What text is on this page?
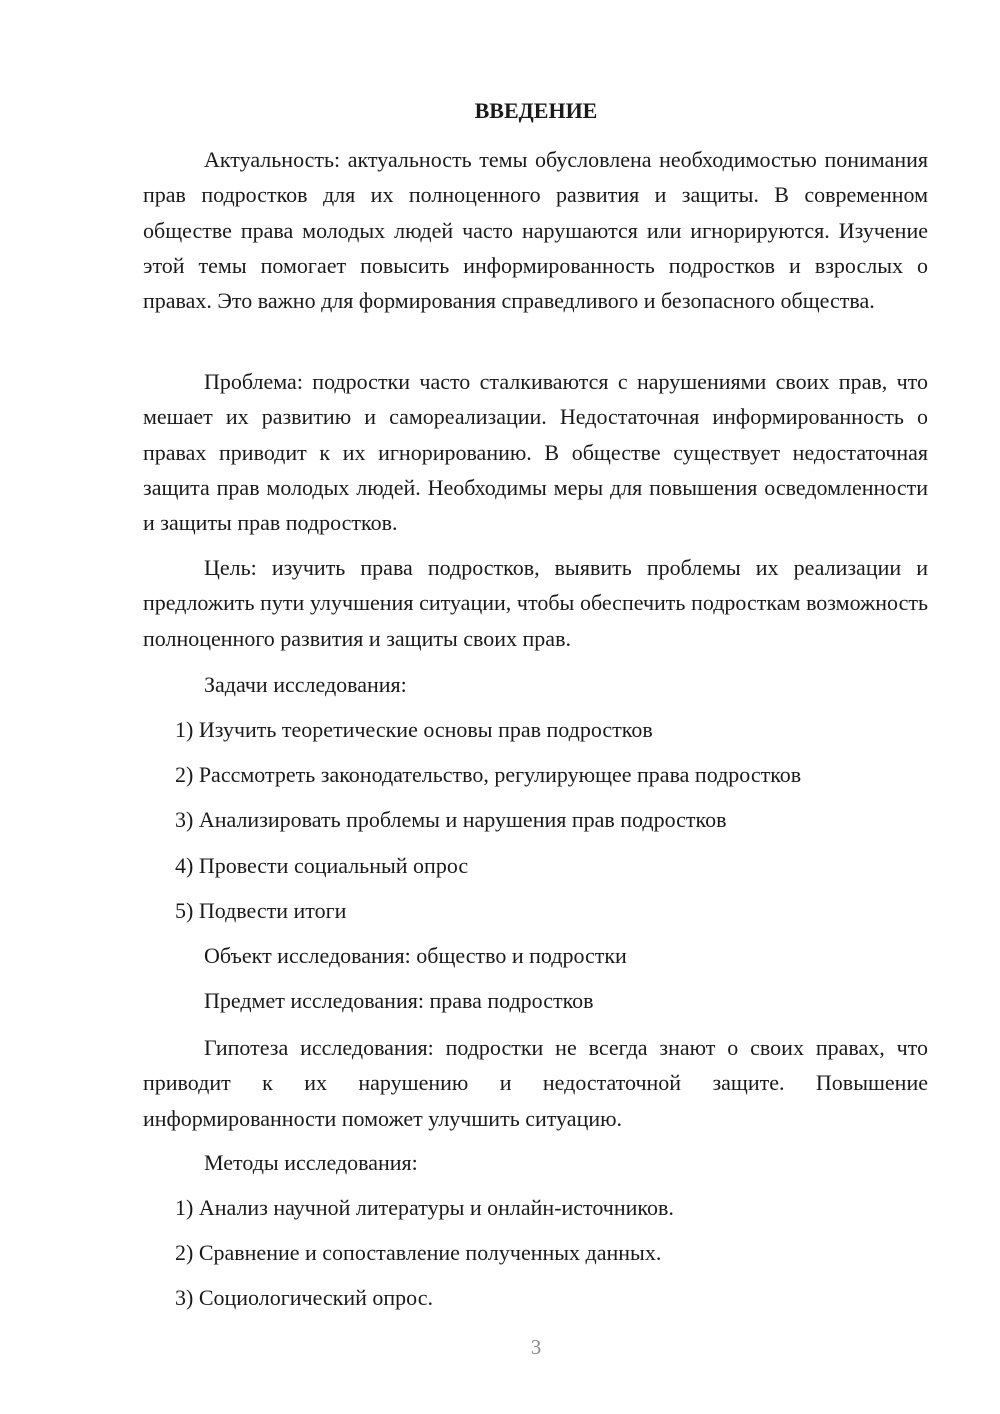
ВВЕДЕНИЕ

Актуальность: актуальность темы обусловлена необходимостью понимания прав подростков для их полноценного развития и защиты. В современном обществе права молодых людей часто нарушаются или игнорируются. Изучение этой темы помогает повысить информированность подростков и взрослых о правах. Это важно для формирования справедливого и безопасного общества.

Проблема: подростки часто сталкиваются с нарушениями своих прав, что мешает их развитию и самореализации. Недостаточная информированность о правах приводит к их игнорированию. В обществе существует недостаточная защита прав молодых людей. Необходимы меры для повышения осведомленности и защиты прав подростков.

Цель: изучить права подростков, выявить проблемы их реализации и предложить пути улучшения ситуации, чтобы обеспечить подросткам возможность полноценного развития и защиты своих прав.

Задачи исследования:

1) Изучить теоретические основы прав подростков

2) Рассмотреть законодательство, регулирующее права подростков

3) Анализировать проблемы и нарушения прав подростков

4) Провести социальный опрос

5) Подвести итоги

Объект исследования: общество и подростки

Предмет исследования: права подростков

Гипотеза исследования: подростки не всегда знают о своих правах, что приводит к их нарушению и недостаточной защите. Повышение информированности поможет улучшить ситуацию.

Методы исследования:

1) Анализ научной литературы и онлайн-источников.

2) Сравнение и сопоставление полученных данных.

3) Социологический опрос.

3
